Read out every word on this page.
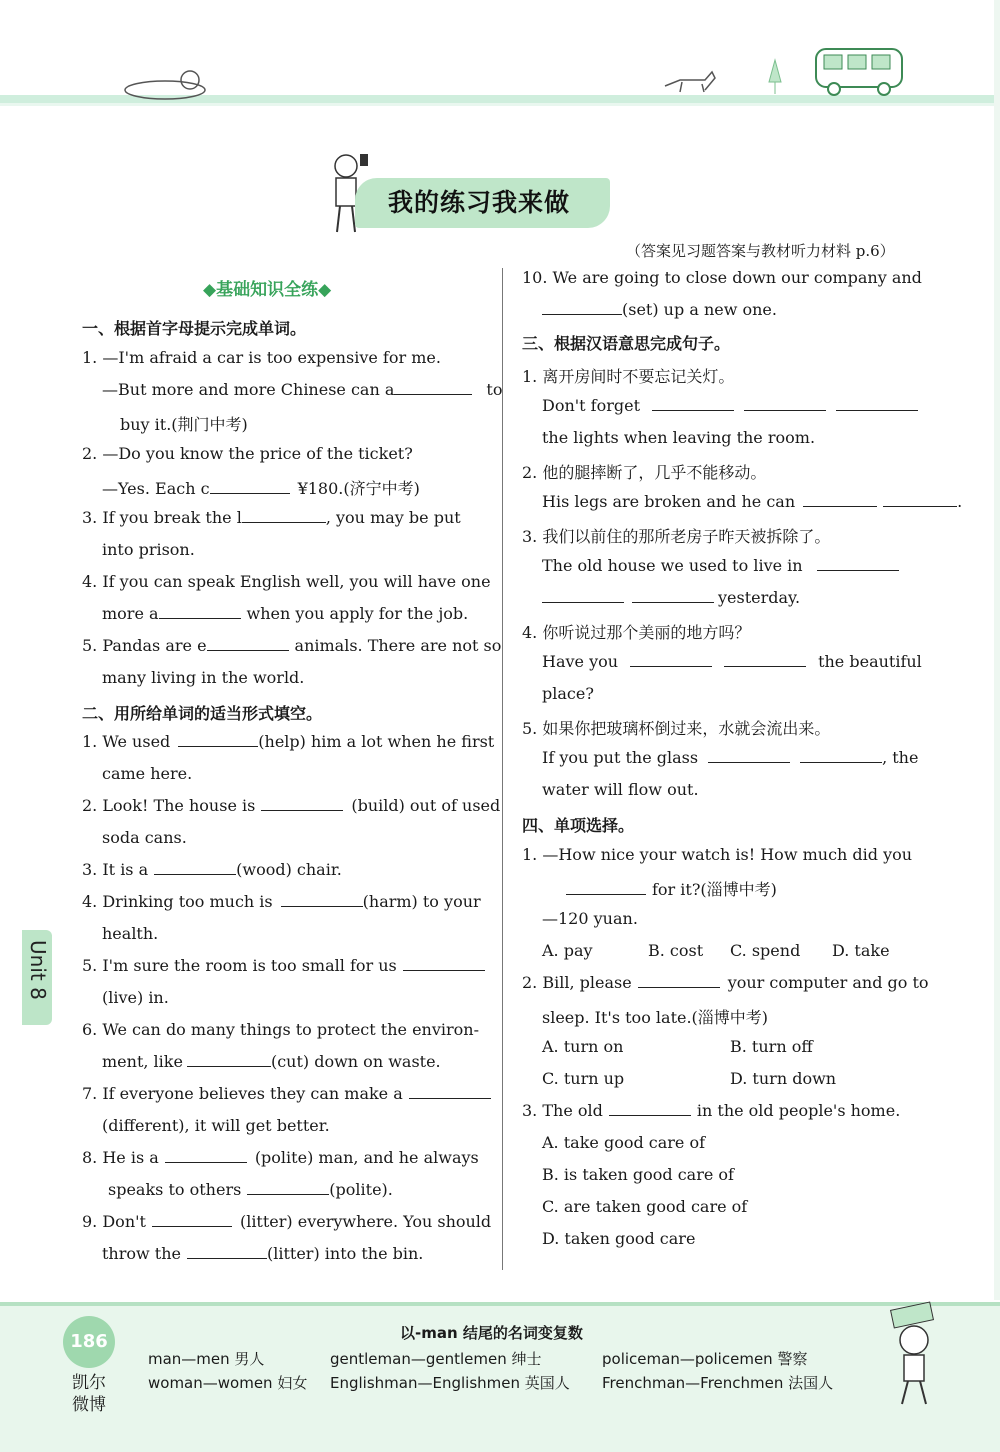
我的练习我来做
（答案见习题答案与教材听力材料 p.6）
◆基础知识全练◆
一、根据首字母提示完成单词。
1. —I'm afraid a car is too expensive for me.
—But more and more Chinese can a	to
buy it.(荆门中考)
2. —Do you know the price of the ticket?
—Yes. Each c	¥180.(济宁中考)
3. If you break the l	, you may be put
into prison.
4. If you can speak English well, you will have one
more a	when you apply for the job.
5. Pandas are e	animals. There are not so
many living in the world.
二、用所给单词的适当形式填空。
1. We used	(help) him a lot when he first
came here.
2. Look! The house is	(build) out of used
soda cans.
3. It is a	(wood) chair.
4. Drinking too much is	(harm) to your
health.
5. I'm sure the room is too small for us
(live) in.
6. We can do many things to protect the environ-
ment, like	(cut) down on waste.
7. If everyone believes they can make a
(different), it will get better.
8. He is a	(polite) man, and he always
speaks to others	(polite).
9. Don't	(litter) everywhere. You should
throw the	(litter) into the bin.
10. We are going to close down our company and
(set) up a new one.
三、根据汉语意思完成句子。
1. 离开房间时不要忘记关灯。
Don't forget
the lights when leaving the room.
2. 他的腿摔断了，几乎不能移动。
His legs are broken and he can	.
3. 我们以前住的那所老房子昨天被拆除了。
The old house we used to live in
yesterday.
4. 你听说过那个美丽的地方吗？
Have you	the beautiful
place?
5. 如果你把玻璃杯倒过来，水就会流出来。
If you put the glass	, the
water will flow out.
四、单项选择。
1. —How nice your watch is! How much did you
for it?(淄博中考)
—120 yuan.
A. pay	B. cost C. spend D. take
2. Bill, please	your computer and go to
sleep. It's too late.(淄博中考)
A. turn on	B. turn off
C. turn up	D. turn down
3. The old	in the old people's home.
A. take good care of
B. is taken good care of
C. are taken good care of
D. taken good care
Unit 8
186
凯尔
微博
以-man 结尾的名词变复数
man—men 男人	gentleman—gentlemen 绅士	policeman—policemen 警察
woman—women 妇女 Englishman—Englishmen 英国人 Frenchman—Frenchmen 法国人
